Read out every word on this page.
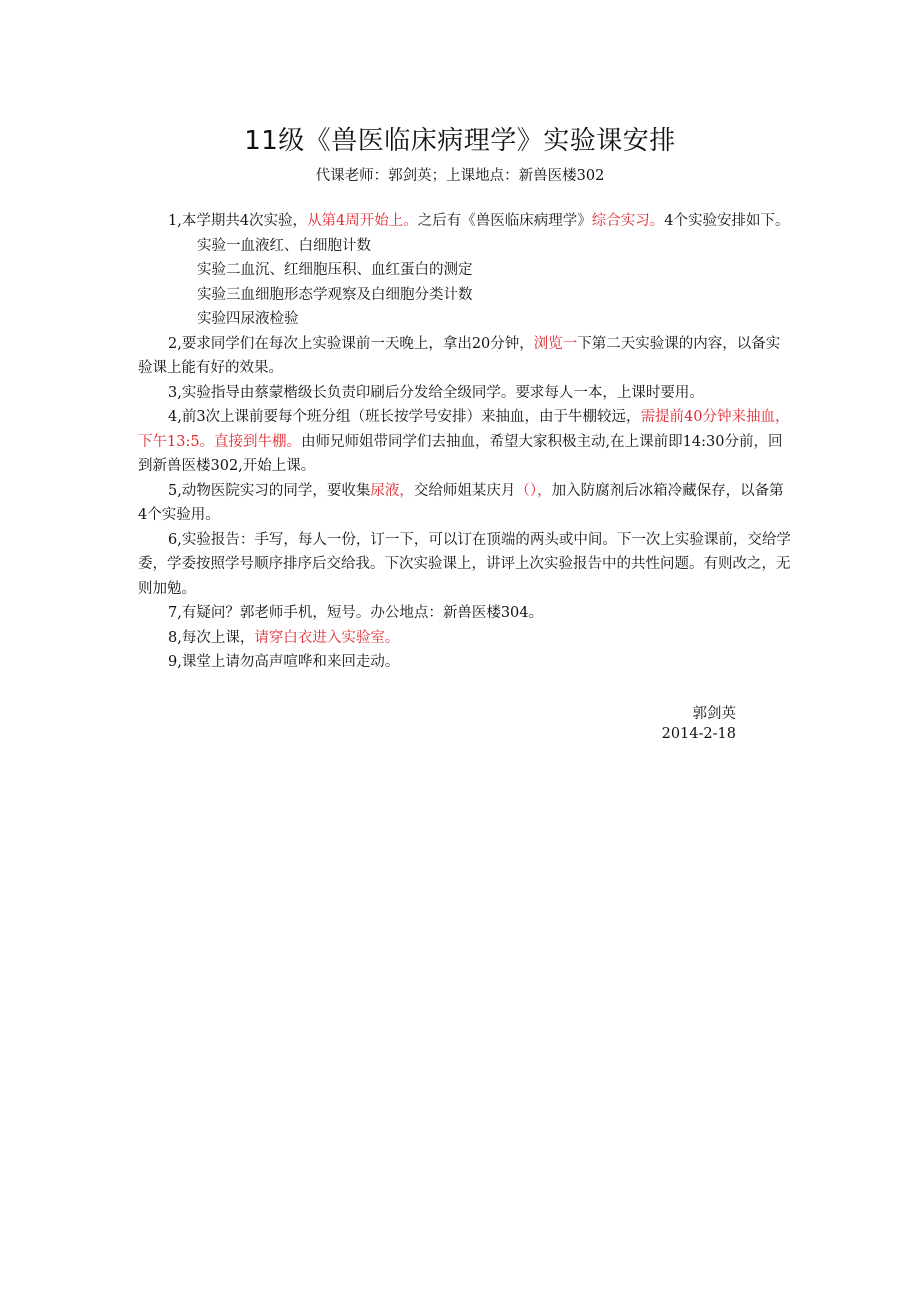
11级《兽医临床病理学》实验课安排
代课老师：郭剑英；上课地点：新兽医楼302

1,本学期共4次实验，从第4周开始上。之后有《兽医临床病理学》综合实习。4个实验安排如下。

实验一血液红、白细胞计数

实验二血沉、红细胞压积、血红蛋白的测定

实验三血细胞形态学观察及白细胞分类计数

实验四尿液检验

2,要求同学们在每次上实验课前一天晚上，拿出20分钟，浏览一下第二天实验课的内容，以备实验课上能有好的效果。

3,实验指导由蔡蒙楷级长负责印刷后分发给全级同学。要求每人一本，上课时要用。

4,前3次上课前要每个班分组（班长按学号安排）来抽血，由于牛棚较远，需提前40分钟来抽血，下午13:5。直接到牛棚。由师兄师姐带同学们去抽血，希望大家积极主动,在上课前即14:30分前，回到新兽医楼302,开始上课。

5,动物医院实习的同学，要收集尿液，交给师姐某庆月（），加入防腐剂后冰箱冷藏保存，以备第4个实验用。

6,实验报告：手写，每人一份，订一下，可以订在顶端的两头或中间。下一次上实验课前，交给学委，学委按照学号顺序排序后交给我。下次实验课上，讲评上次实验报告中的共性问题。有则改之，无则加勉。

7,有疑问？郭老师手机，短号。办公地点：新兽医楼304。

8,每次上课，请穿白衣进入实验室。

9,课堂上请勿高声喧哗和来回走动。

郭剑英
2014-2-18
